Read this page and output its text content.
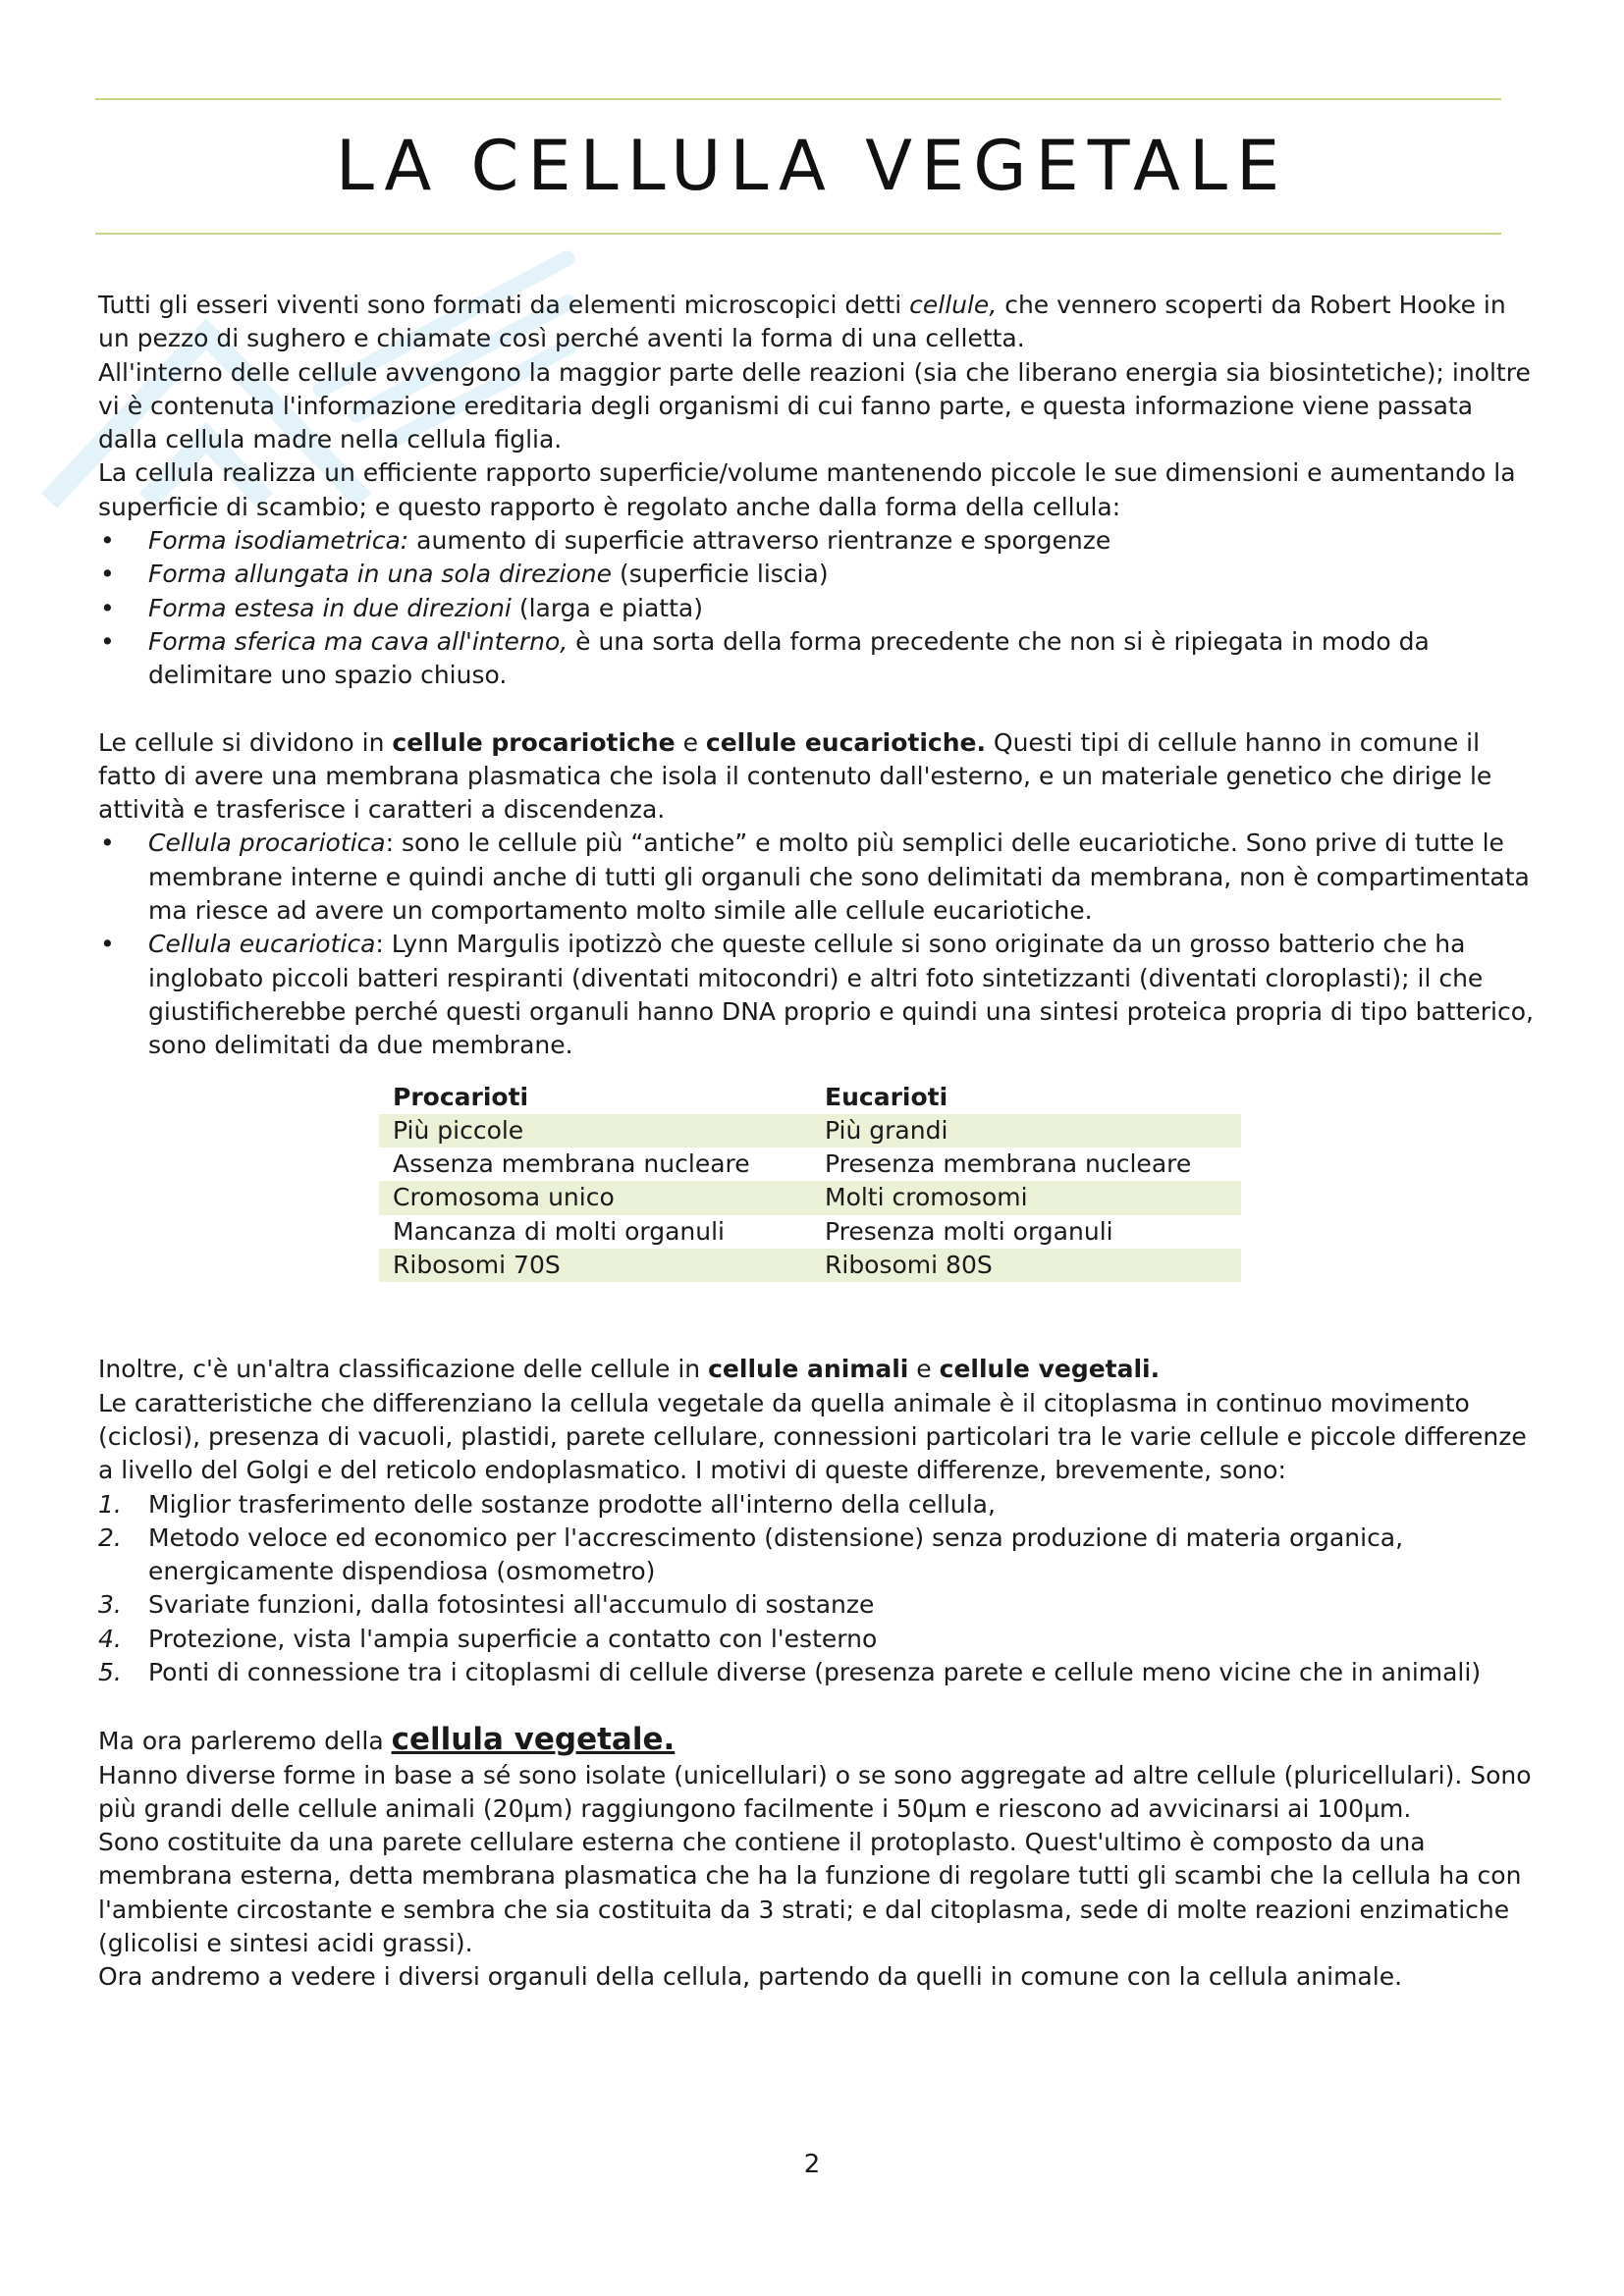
LA CELLULA VEGETALE

Tutti gli esseri viventi sono formati da elementi microscopici detti cellule, che vennero scoperti da Robert Hooke in un pezzo di sughero e chiamate così perché aventi la forma di una celletta.

All'interno delle cellule avvengono la maggior parte delle reazioni (sia che liberano energia sia biosintetiche); inoltre vi è contenuta l'informazione ereditaria degli organismi di cui fanno parte, e questa informazione viene passata dalla cellula madre nella cellula figlia.

La cellula realizza un efficiente rapporto superficie/volume mantenendo piccole le sue dimensioni e aumentando la superficie di scambio; e questo rapporto è regolato anche dalla forma della cellula:

• Forma isodiametrica: aumento di superficie attraverso rientranze e sporgenze
• Forma allungata in una sola direzione (superficie liscia)
• Forma estesa in due direzioni (larga e piatta)
• Forma sferica ma cava all'interno, è una sorta della forma precedente che non si è ripiegata in modo da delimitare uno spazio chiuso.

Le cellule si dividono in cellule procariotiche e cellule eucariotiche. Questi tipi di cellule hanno in comune il fatto di avere una membrana plasmatica che isola il contenuto dall'esterno, e un materiale genetico che dirige le attività e trasferisce i caratteri a discendenza.

• Cellula procariotica: sono le cellule più “antiche” e molto più semplici delle eucariotiche. Sono prive di tutte le membrane interne e quindi anche di tutti gli organuli che sono delimitati da membrana, non è compartimentata ma riesce ad avere un comportamento molto simile alle cellule eucariotiche.
• Cellula eucariotica: Lynn Margulis ipotizzò che queste cellule si sono originate da un grosso batterio che ha inglobato piccoli batteri respiranti (diventati mitocondri) e altri foto sintetizzanti (diventati cloroplasti); il che giustificherebbe perché questi organuli hanno DNA proprio e quindi una sintesi proteica propria di tipo batterico, sono delimitati da due membrane.
Procarioti	Eucarioti
Più piccole	Più grandi
Assenza membrana nucleare	Presenza membrana nucleare
Cromosoma unico	Molti cromosomi
Mancanza di molti organuli	Presenza molti organuli
Ribosomi 70S	Ribosomi 80S

Inoltre, c'è un'altra classificazione delle cellule in cellule animali e cellule vegetali.

Le caratteristiche che differenziano la cellula vegetale da quella animale è il citoplasma in continuo movimento (ciclosi), presenza di vacuoli, plastidi, parete cellulare, connessioni particolari tra le varie cellule e piccole differenze a livello del Golgi e del reticolo endoplasmatico. I motivi di queste differenze, brevemente, sono:

1. Miglior trasferimento delle sostanze prodotte all'interno della cellula,
2. Metodo veloce ed economico per l'accrescimento (distensione) senza produzione di materia organica, energicamente dispendiosa (osmometro)
3. Svariate funzioni, dalla fotosintesi all'accumulo di sostanze
4. Protezione, vista l'ampia superficie a contatto con l'esterno
5. Ponti di connessione tra i citoplasmi di cellule diverse (presenza parete e cellule meno vicine che in animali)

Ma ora parleremo della cellula vegetale.

Hanno diverse forme in base a sé sono isolate (unicellulari) o se sono aggregate ad altre cellule (pluricellulari). Sono più grandi delle cellule animali (20µm) raggiungono facilmente i 50µm e riescono ad avvicinarsi ai 100µm.

Sono costituite da una parete cellulare esterna che contiene il protoplasto. Quest'ultimo è composto da una membrana esterna, detta membrana plasmatica che ha la funzione di regolare tutti gli scambi che la cellula ha con l'ambiente circostante e sembra che sia costituita da 3 strati; e dal citoplasma, sede di molte reazioni enzimatiche (glicolisi e sintesi acidi grassi).

Ora andremo a vedere i diversi organuli della cellula, partendo da quelli in comune con la cellula animale.

2
